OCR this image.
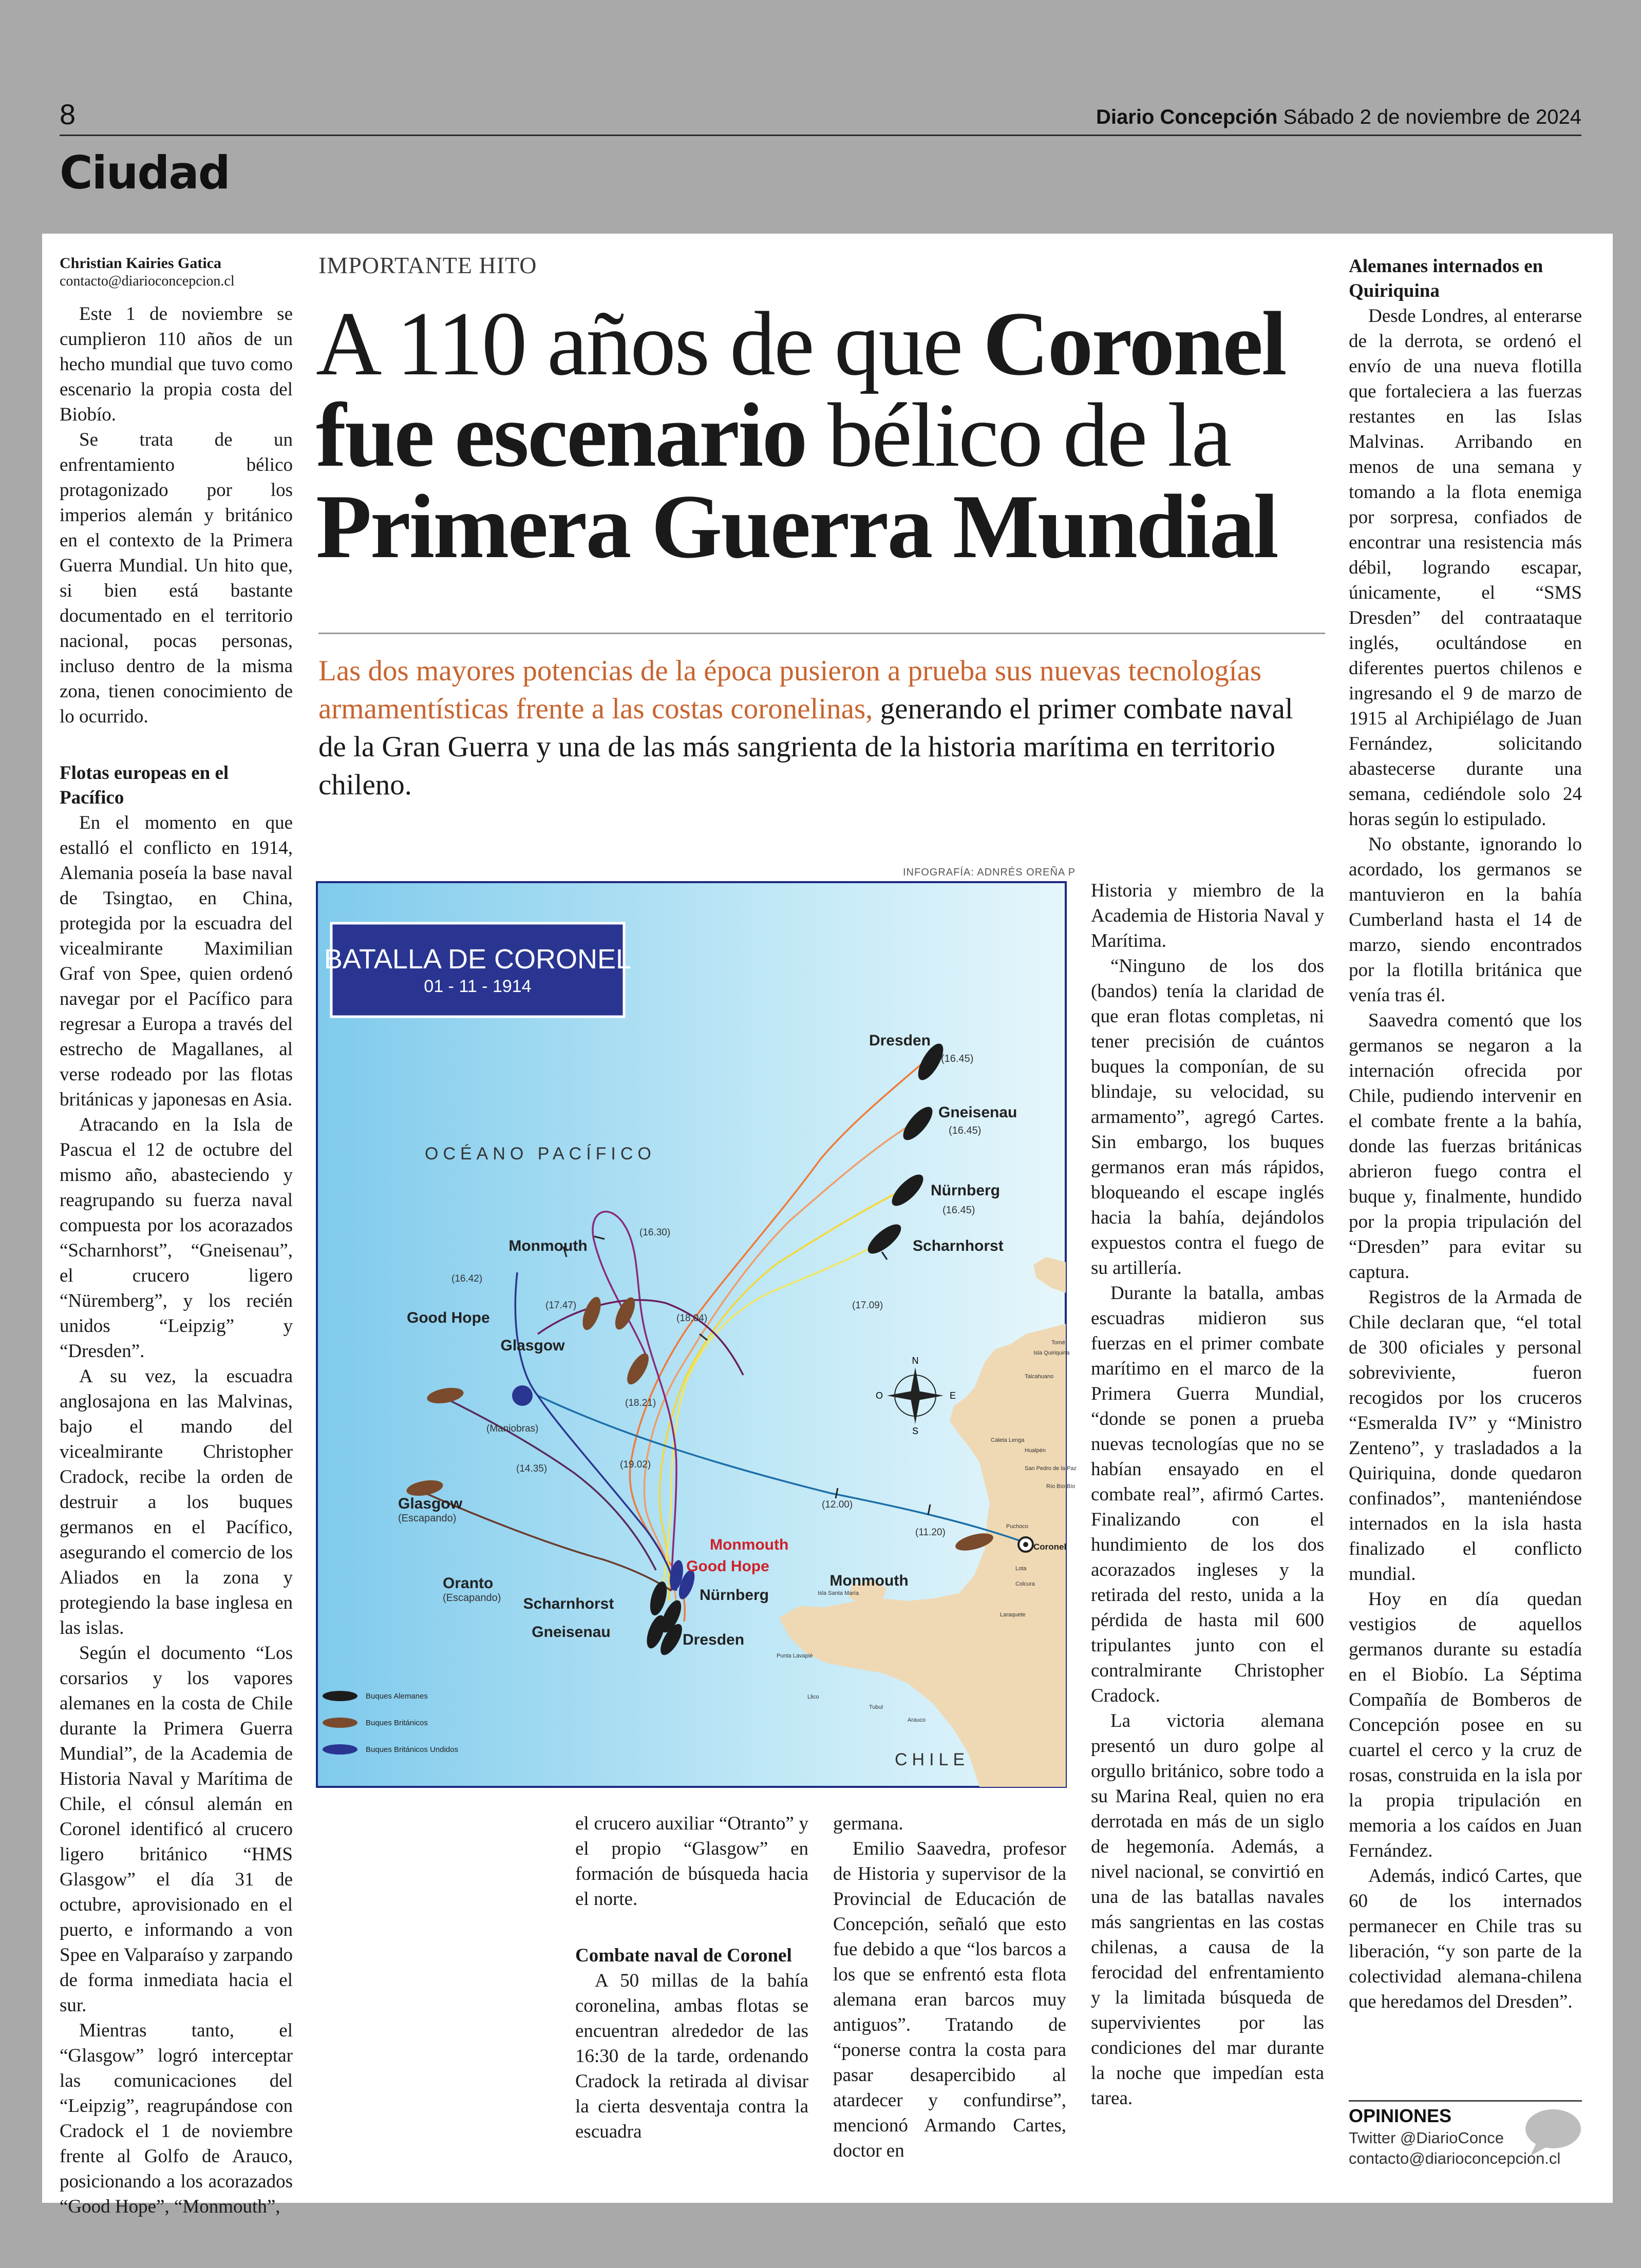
8	Diario Concepción Sábado 2 de noviembre de 2024
Ciudad
Christian Kairies Gatica
contacto@diarioconcepcion.cl

Este 1 de noviembre se cumplieron 110 años de un hecho mundial que tuvo como escenario la propia costa del Biobío.

Se trata de un enfrentamiento bélico protagonizado por los imperios alemán y británico en el contexto de la Primera Guerra Mundial. Un hito que, si bien está bastante documentado en el territorio nacional, pocas personas, incluso dentro de la misma zona, tienen conocimiento de lo ocurrido.

Flotas europeas en el Pacífico

En el momento en que estalló el conflicto en 1914, Alemania poseía la base naval de Tsingtao, en China, protegida por la escuadra del vicealmirante Maximilian Graf von Spee, quien ordenó navegar por el Pacífico para regresar a Europa a través del estrecho de Magallanes, al verse rodeado por las flotas británicas y japonesas en Asia.

Atracando en la Isla de Pascua el 12 de octubre del mismo año, abasteciendo y reagrupando su fuerza naval compuesta por los acorazados “Scharnhorst”, “Gneisenau”, el crucero ligero “Nüremberg”, y los recién unidos “Leipzig” y “Dresden”.

A su vez, la escuadra anglosajona en las Malvinas, bajo el mando del vicealmirante Christopher Cradock, recibe la orden de destruir a los buques germanos en el Pacífico, asegurando el comercio de los Aliados en la zona y protegiendo la base inglesa en las islas.

Según el documento “Los corsarios y los vapores alemanes en la costa de Chile durante la Primera Guerra Mundial”, de la Academia de Historia Naval y Marítima de Chile, el cónsul alemán en Coronel identificó al crucero ligero británico “HMS Glasgow” el día 31 de octubre, aprovisionado en el puerto, e informando a von Spee en Valparaíso y zarpando de forma inmediata hacia el sur.

Mientras tanto, el “Glasgow” logró interceptar las comunicaciones del “Leipzig”, reagrupándose con Cradock el 1 de noviembre frente al Golfo de Arauco, posicionando a los acorazados “Good Hope”, “Monmouth”,

IMPORTANTE HITO
A 110 años de que Coronel fue escenario bélico de la Primera Guerra Mundial
Las dos mayores potencias de la época pusieron a prueba sus nuevas tecnologías armamentísticas frente a las costas coronelinas, generando el primer combate naval de la Gran Guerra y una de las más sangrienta de la historia marítima en territorio chileno.
INFOGRAFÍA: ADNRÉS OREÑA P
BATALLA DE CORONEL
01 - 11 - 1914
OCÉANO PACÍFICO
CHILE
Dresden
Gneisenau
Nürnberg
Scharnhorst
Monmouth
Good Hope
Glasgow
Glasgow
Oranto
Scharnhorst
Nürnberg
Gneisenau	Dresden
Monmouth
Monmouth
Good Hope
(16.45)
(16.45)
(16.45)
(Escapando)
(Escapando)
Coronel
(16.30)
(16.42)
(17.47)
(18.04)
(17.09)
(18.21)
(Maniobras)
(14.35)	(19.02)
(12.00)
(11.20)
N
S
E
O
Isla Quiriquina
Talcahuano
Tomé
Caleta Lenga
Hualpén
San Pedro de la Paz
Río Bío Bío
Puchoco
Lota
Colcura
Laraquete
Isla Santa María
Punta Lavapié
Llico
Tubul
Arauco
Buques Alemanes
Buques Británicos
Buques Británicos Undidos

el crucero auxiliar “Otranto” y el propio “Glasgow” en formación de búsqueda hacia el norte.

Combate naval de Coronel

A 50 millas de la bahía coronelina, ambas flotas se encuentran alrededor de las 16:30 de la tarde, ordenando Cradock la retirada al divisar la cierta desventaja contra la escuadra

germana.

Emilio Saavedra, profesor de Historia y supervisor de la Provincial de Educación de Concepción, señaló que esto fue debido a que “los barcos a los que se enfrentó esta flota alemana eran barcos muy antiguos”. Tratando de “ponerse contra la costa para pasar desapercibido al atardecer y confundirse”, mencionó Armando Cartes, doctor en

Historia y miembro de la Academia de Historia Naval y Marítima.

“Ninguno de los dos (bandos) tenía la claridad de que eran flotas completas, ni tener precisión de cuántos buques la componían, de su blindaje, su velocidad, su armamento”, agregó Cartes. Sin embargo, los buques germanos eran más rápidos, bloqueando el escape inglés hacia la bahía, dejándolos expuestos contra el fuego de su artillería.

Durante la batalla, ambas escuadras midieron sus fuerzas en el primer combate marítimo en el marco de la Primera Guerra Mundial, “donde se ponen a prueba nuevas tecnologías que no se habían ensayado en el combate real”, afirmó Cartes. Finalizando con el hundimiento de los dos acorazados ingleses y la retirada del resto, unida a la pérdida de hasta mil 600 tripulantes junto con el contralmirante Christopher Cradock.

La victoria alemana presentó un duro golpe al orgullo británico, sobre todo a su Marina Real, quien no era derrotada en más de un siglo de hegemonía. Además, a nivel nacional, se convirtió en una de las batallas navales más sangrientas en las costas chilenas, a causa de la ferocidad del enfrentamiento y la limitada búsqueda de supervivientes por las condiciones del mar durante la noche que impedían esta tarea.

Alemanes internados en Quiriquina

Desde Londres, al enterarse de la derrota, se ordenó el envío de una nueva flotilla que fortaleciera a las fuerzas restantes en las Islas Malvinas. Arribando en menos de una semana y tomando a la flota enemiga por sorpresa, confiados de encontrar una resistencia más débil, logrando escapar, únicamente, el “SMS Dresden” del contraataque inglés, ocultándose en diferentes puertos chilenos e ingresando el 9 de marzo de 1915 al Archipiélago de Juan Fernández, solicitando abastecerse durante una semana, cediéndole solo 24 horas según lo estipulado.

No obstante, ignorando lo acordado, los germanos se mantuvieron en la bahía Cumberland hasta el 14 de marzo, siendo encontrados por la flotilla británica que venía tras él.

Saavedra comentó que los germanos se negaron a la internación ofrecida por Chile, pudiendo intervenir en el combate frente a la bahía, donde las fuerzas británicas abrieron fuego contra el buque y, finalmente, hundido por la propia tripulación del “Dresden” para evitar su captura.

Registros de la Armada de Chile declaran que, “el total de 300 oficiales y personal sobreviviente, fueron recogidos por los cruceros “Esmeralda IV” y “Ministro Zenteno”, y trasladados a la Quiriquina, donde quedaron confinados”, manteniéndose internados en la isla hasta finalizado el conflicto mundial.

Hoy en día quedan vestigios de aquellos germanos durante su estadía en el Biobío. La Séptima Compañía de Bomberos de Concepción posee en su cuartel el cerco y la cruz de rosas, construida en la isla por la propia tripulación en memoria a los caídos en Juan Fernández.

Además, indicó Cartes, que 60 de los internados permanecer en Chile tras su liberación, “y son parte de la colectividad alemana-chilena que heredamos del Dresden”.

OPINIONES
Twitter @DiarioConce
contacto@diarioconcepcion.cl
